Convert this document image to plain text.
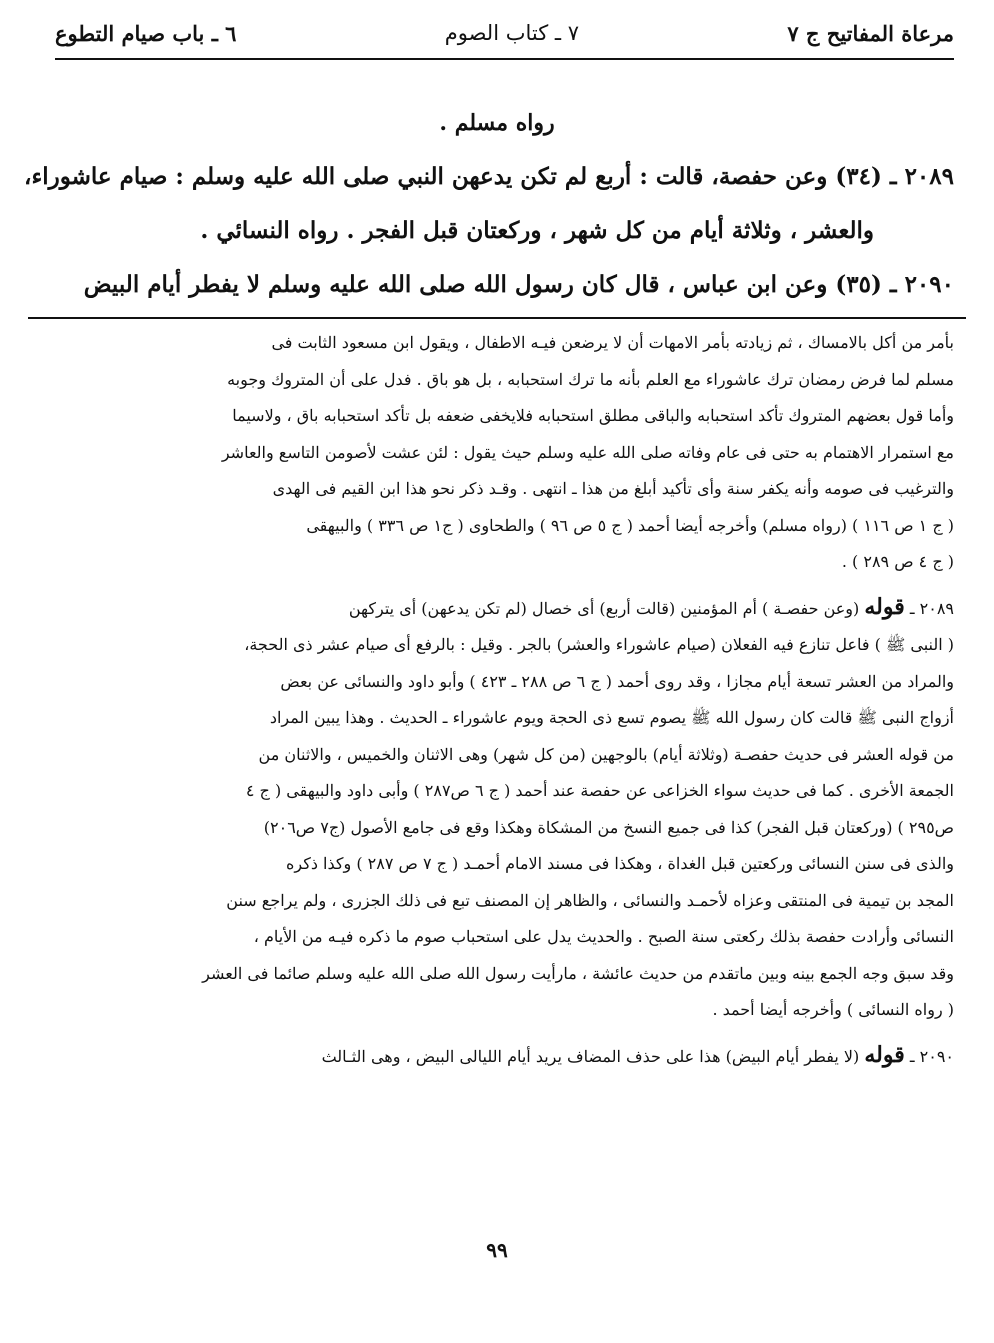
مرعاة المفاتيح ج ٧
٧ ـ كتاب الصوم
٦ ـ باب صيام التطوع
رواه مسلم .

٢٠٨٩ ـ (٣٤) وعن حفصة، قالت : أربع لم تكن يدعهن النبي صلى الله عليه وسلم : صيام عاشوراء،

والعشر ، وثلاثة أيام من كل شهر ، وركعتان قبل الفجر . رواه النسائي .

٢٠٩٠ ـ (٣٥) وعن ابن عباس ، قال كان رسول الله صلى الله عليه وسلم لا يفطر أيام البيض

بأمر من أكل بالامساك ، ثم زيادته بأمر الامهات أن لا يرضعن فيـه الاطفال ، ويقول ابن مسعود الثابت فى

مسلم لما فرض رمضان ترك عاشوراء مع العلم بأنه ما ترك استحبابه ، بل هو باق . فدل على أن المتروك وجوبه

وأما قول بعضهم المتروك تأكد استحبابه والباقى مطلق استحبابه فلايخفى ضعفه بل تأكد استحبابه باق ، ولاسيما

مع استمرار الاهتمام به حتى فى عام وفاته صلى الله عليه وسلم حيث يقول : لئن عشت لأصومن التاسع والعاشر

والترغيب فى صومه وأنه يكفر سنة وأى تأكيد أبلغ من هذا ـ انتهى . وقـد ذكر نحو هذا ابن القيم فى الهدى

( ج ١ ص ١١٦ ) (رواه مسلم) وأخرجه أيضا أحمد ( ج ٥ ص ٩٦ ) والطحاوى ( ج١ ص ٣٣٦ ) والبيهقى

( ج ٤ ص ٢٨٩ ) .

٢٠٨٩ ـ قوله (وعن حفصـة ) أم المؤمنين (قالت أربع) أى خصال (لم تكن يدعهن) أى يتركهن

( النبى ﷺ ) فاعل تنازع فيه الفعلان (صيام عاشوراء والعشر) بالجر . وقيل : بالرفع أى صيام عشر ذى الحجة،

والمراد من العشر تسعة أيام مجازا ، وقد روى أحمد ( ج ٦ ص ٢٨٨ ـ ٤٢٣ ) وأبو داود والنسائى عن بعض

أزواج النبى ﷺ قالت كان رسول الله ﷺ يصوم تسع ذى الحجة ويوم عاشوراء ـ الحديث . وهذا يبين المراد

من قوله العشر فى حديث حفصـة (وثلاثة أيام) بالوجهين (من كل شهر) وهى الاثنان والخميس ، والاثنان من

الجمعة الأخرى . كما فى حديث سواء الخزاعى عن حفصة عند أحمد ( ج ٦ ص٢٨٧ ) وأبى داود والبيهقى ( ج ٤

ص٢٩٥ ) (وركعتان قبل الفجر) كذا فى جميع النسخ من المشكاة وهكذا وقع فى جامع الأصول (ج٧ ص٢٠٦)

والذى فى سنن النسائى وركعتين قبل الغداة ، وهكذا فى مسند الامام أحمـد ( ج ٧ ص ٢٨٧ ) وكذا ذكره

المجد بن تيمية فى المنتقى وعزاه لأحمـد والنسائى ، والظاهر إن المصنف تبع فى ذلك الجزرى ، ولم يراجع سنن

النسائى وأرادت حفصة بذلك ركعتى سنة الصبح . والحديث يدل على استحباب صوم ما ذكره فيـه من الأيام ،

وقد سبق وجه الجمع بينه وبين ماتقدم من حديث عائشة ، مارأيت رسول الله صلى الله عليه وسلم صائما فى العشر

( رواه النسائى ) وأخرجه أيضا أحمد .

٢٠٩٠ ـ قوله (لا يفطر أيام البيض) هذا على حذف المضاف يريد أيام الليالى البيض ، وهى الثـالث

٩٩
